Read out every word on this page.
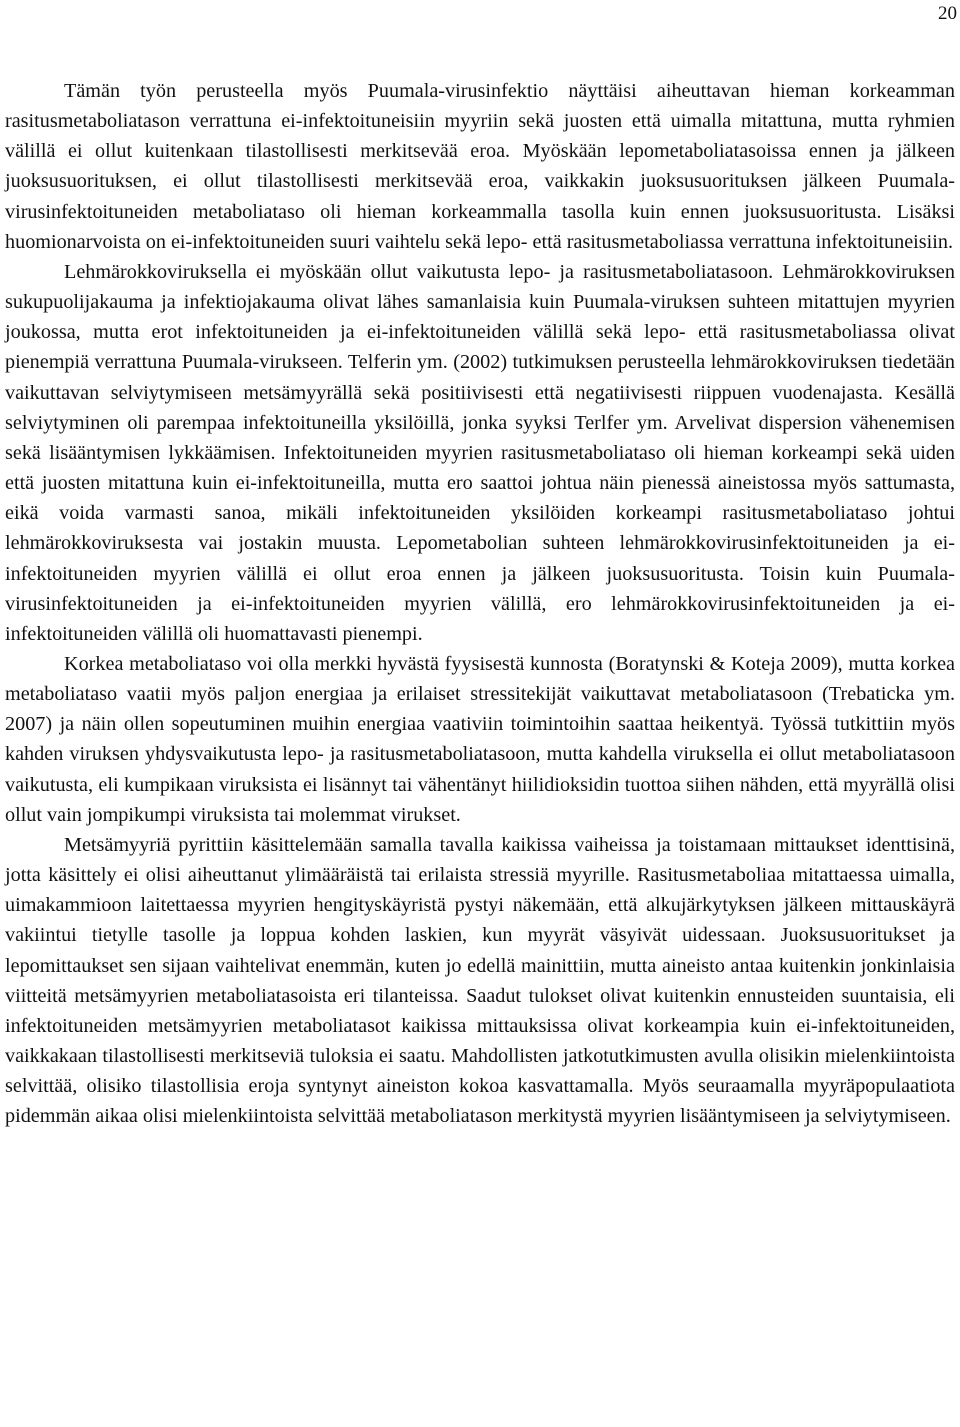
20

Tämän työn perusteella myös Puumala-virusinfektio näyttäisi aiheuttavan hieman korkeamman rasitusmetaboliatason verrattuna ei-infektoituneisiin myyriin sekä juosten että uimalla mitattuna, mutta ryhmien välillä ei ollut kuitenkaan tilastollisesti merkitsevää eroa. Myöskään lepometaboliatasoissa ennen ja jälkeen juoksusuorituksen, ei ollut tilastollisesti merkitsevää eroa, vaikkakin juoksusuorituksen jälkeen Puumala-virusinfektoituneiden metaboliataso oli hieman korkeammalla tasolla kuin ennen juoksusuoritusta. Lisäksi huomionarvoista on ei-infektoituneiden suuri vaihtelu sekä lepo- että rasitusmetaboliassa verrattuna infektoituneisiin.

Lehmärokkoviruksella ei myöskään ollut vaikutusta lepo- ja rasitusmetaboliatasoon. Lehmärokkoviruksen sukupuolijakauma ja infektiojakauma olivat lähes samanlaisia kuin Puumala-viruksen suhteen mitattujen myyrien joukossa, mutta erot infektoituneiden ja ei-infektoituneiden välillä sekä lepo- että rasitusmetaboliassa olivat pienempiä verrattuna Puumala-virukseen. Telferin ym. (2002) tutkimuksen perusteella lehmärokkoviruksen tiedetään vaikuttavan selviytymiseen metsämyyrällä sekä positiivisesti että negatiivisesti riippuen vuodenajasta. Kesällä selviytyminen oli parempaa infektoituneilla yksilöillä, jonka syyksi Terlfer ym. Arvelivat dispersion vähenemisen sekä lisääntymisen lykkäämisen. Infektoituneiden myyrien rasitusmetaboliataso oli hieman korkeampi sekä uiden että juosten mitattuna kuin ei-infektoituneilla, mutta ero saattoi johtua näin pienessä aineistossa myös sattumasta, eikä voida varmasti sanoa, mikäli infektoituneiden yksilöiden korkeampi rasitusmetaboliataso johtui lehmärokkoviruksesta vai jostakin muusta. Lepometabolian suhteen lehmärokkovirusinfektoituneiden ja ei-infektoituneiden myyrien välillä ei ollut eroa ennen ja jälkeen juoksusuoritusta. Toisin kuin Puumala-virusinfektoituneiden ja ei-infektoituneiden myyrien välillä, ero lehmärokkovirusinfektoituneiden ja ei-infektoituneiden välillä oli huomattavasti pienempi.

Korkea metaboliataso voi olla merkki hyvästä fyysisestä kunnosta (Boratynski & Koteja 2009), mutta korkea metaboliataso vaatii myös paljon energiaa ja erilaiset stressitekijät vaikuttavat metaboliatasoon (Trebaticka ym. 2007) ja näin ollen sopeutuminen muihin energiaa vaativiin toimintoihin saattaa heikentyä. Työssä tutkittiin myös kahden viruksen yhdysvaikutusta lepo- ja rasitusmetaboliatasoon, mutta kahdella viruksella ei ollut metaboliatasoon vaikutusta, eli kumpikaan viruksista ei lisännyt tai vähentänyt hiilidioksidin tuottoa siihen nähden, että myyrällä olisi ollut vain jompikumpi viruksista tai molemmat virukset.

Metsämyyriä pyrittiin käsittelemään samalla tavalla kaikissa vaiheissa ja toistamaan mittaukset identtisinä, jotta käsittely ei olisi aiheuttanut ylimääräistä tai erilaista stressiä myyrille. Rasitusmetaboliaa mitattaessa uimalla, uimakammioon laitettaessa myyrien hengityskäyristä pystyi näkemään, että alkujärkytyksen jälkeen mittauskäyrä vakiintui tietylle tasolle ja loppua kohden laskien, kun myyrät väsyivät uidessaan. Juoksusuoritukset ja lepomittaukset sen sijaan vaihtelivat enemmän, kuten jo edellä mainittiin, mutta aineisto antaa kuitenkin jonkinlaisia viitteitä metsämyyrien metaboliatasoista eri tilanteissa. Saadut tulokset olivat kuitenkin ennusteiden suuntaisia, eli infektoituneiden metsämyyrien metaboliatasot kaikissa mittauksissa olivat korkeampia kuin ei-infektoituneiden, vaikkakaan tilastollisesti merkitseviä tuloksia ei saatu. Mahdollisten jatkotutkimusten avulla olisikin mielenkiintoista selvittää, olisiko tilastollisia eroja syntynyt aineiston kokoa kasvattamalla. Myös seuraamalla myyräpopulaatiota pidemmän aikaa olisi mielenkiintoista selvittää metaboliatason merkitystä myyrien lisääntymiseen ja selviytymiseen.
